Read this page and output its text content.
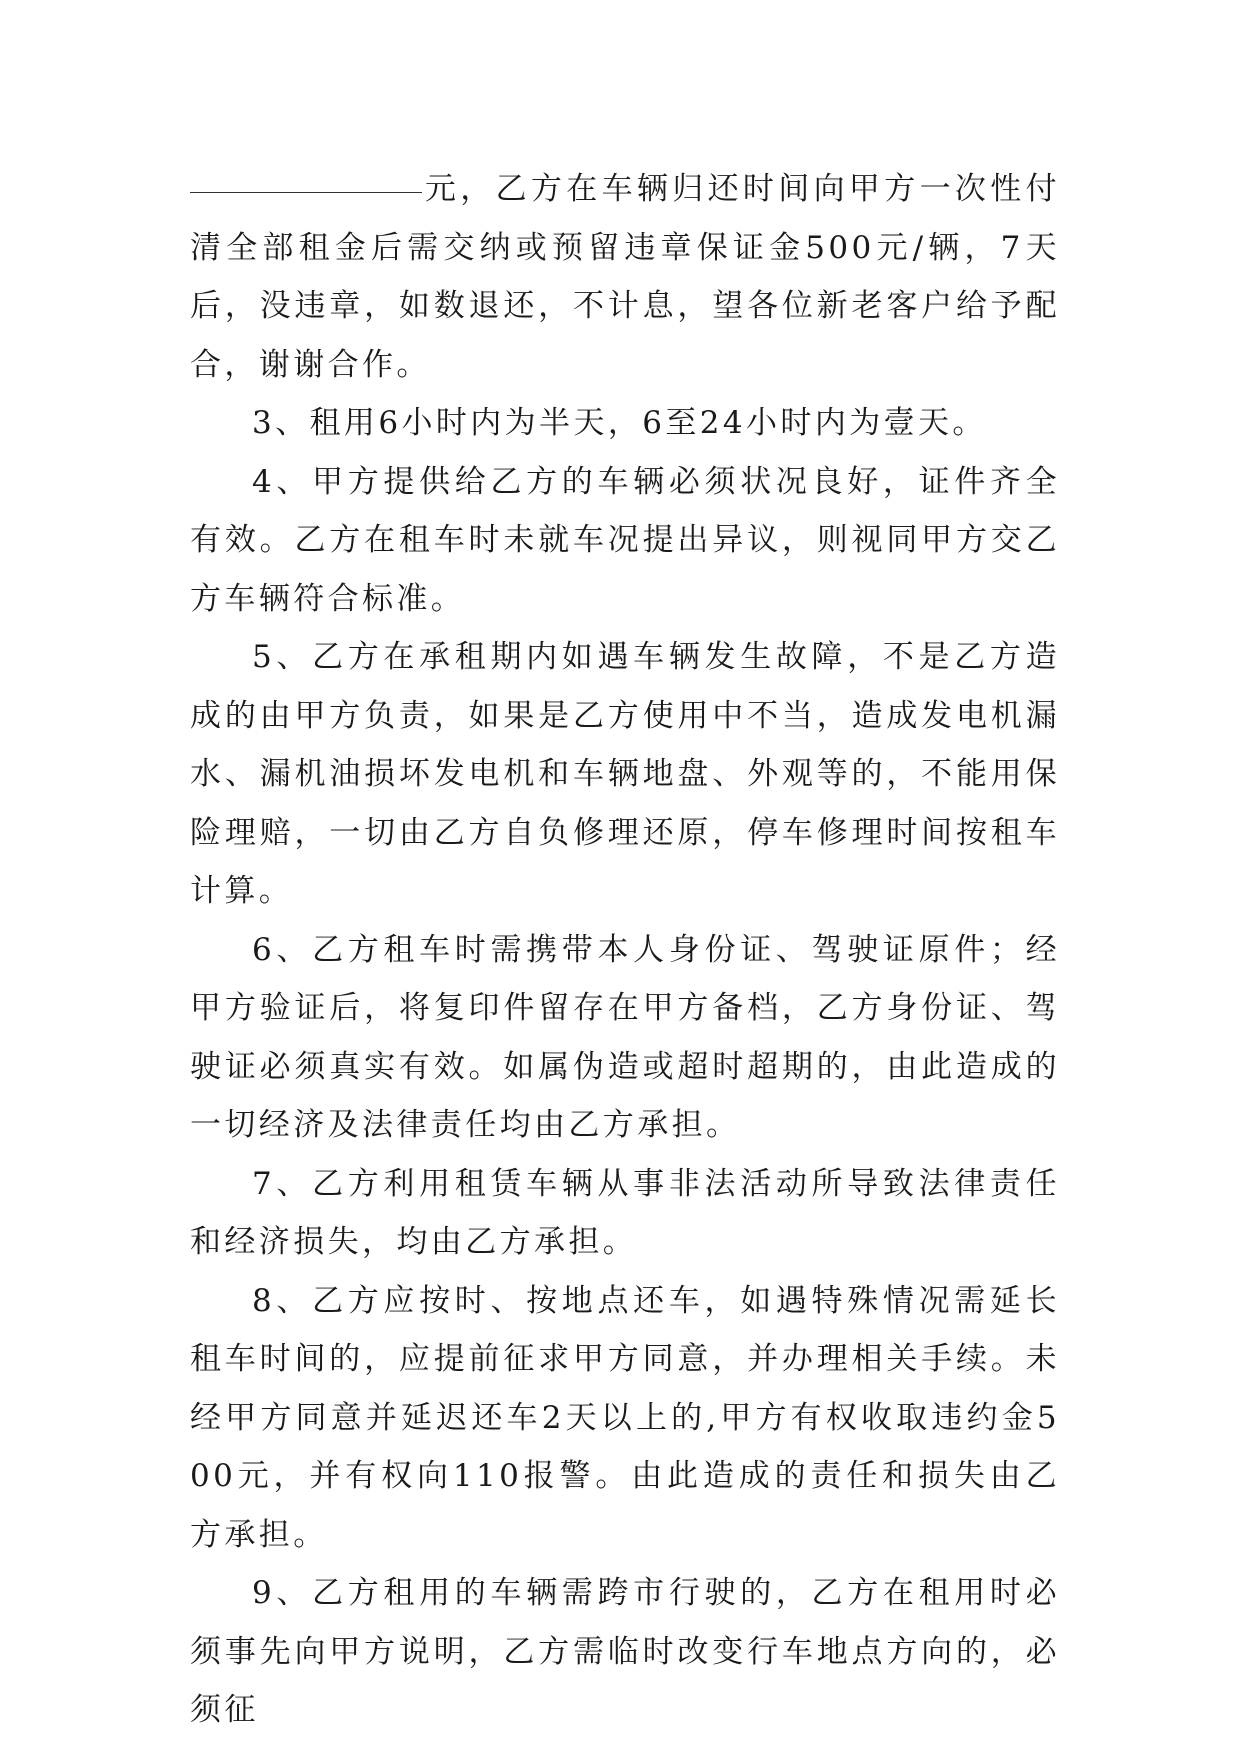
元，乙方在车辆归还时间向甲方一次性付清全部租金后需交纳或预留违章保证金500元/辆，7天后，没违章，如数退还，不计息，望各位新老客户给予配合，谢谢合作。

3、租用6小时内为半天，6至24小时内为壹天。

4、甲方提供给乙方的车辆必须状况良好，证件齐全有效。乙方在租车时未就车况提出异议，则视同甲方交乙方车辆符合标准。

5、乙方在承租期内如遇车辆发生故障，不是乙方造成的由甲方负责，如果是乙方使用中不当，造成发电机漏水、漏机油损坏发电机和车辆地盘、外观等的，不能用保险理赔，一切由乙方自负修理还原，停车修理时间按租车计算。

6、乙方租车时需携带本人身份证、驾驶证原件；经甲方验证后，将复印件留存在甲方备档，乙方身份证、驾驶证必须真实有效。如属伪造或超时超期的，由此造成的一切经济及法律责任均由乙方承担。

7、乙方利用租赁车辆从事非法活动所导致法律责任和经济损失，均由乙方承担。

8、乙方应按时、按地点还车，如遇特殊情况需延长租车时间的，应提前征求甲方同意，并办理相关手续。未经甲方同意并延迟还车2天以上的,甲方有权收取违约金500元，并有权向110报警。由此造成的责任和损失由乙方承担。

9、乙方租用的车辆需跨市行驶的，乙方在租用时必须事先向甲方说明，乙方需临时改变行车地点方向的，必须征
